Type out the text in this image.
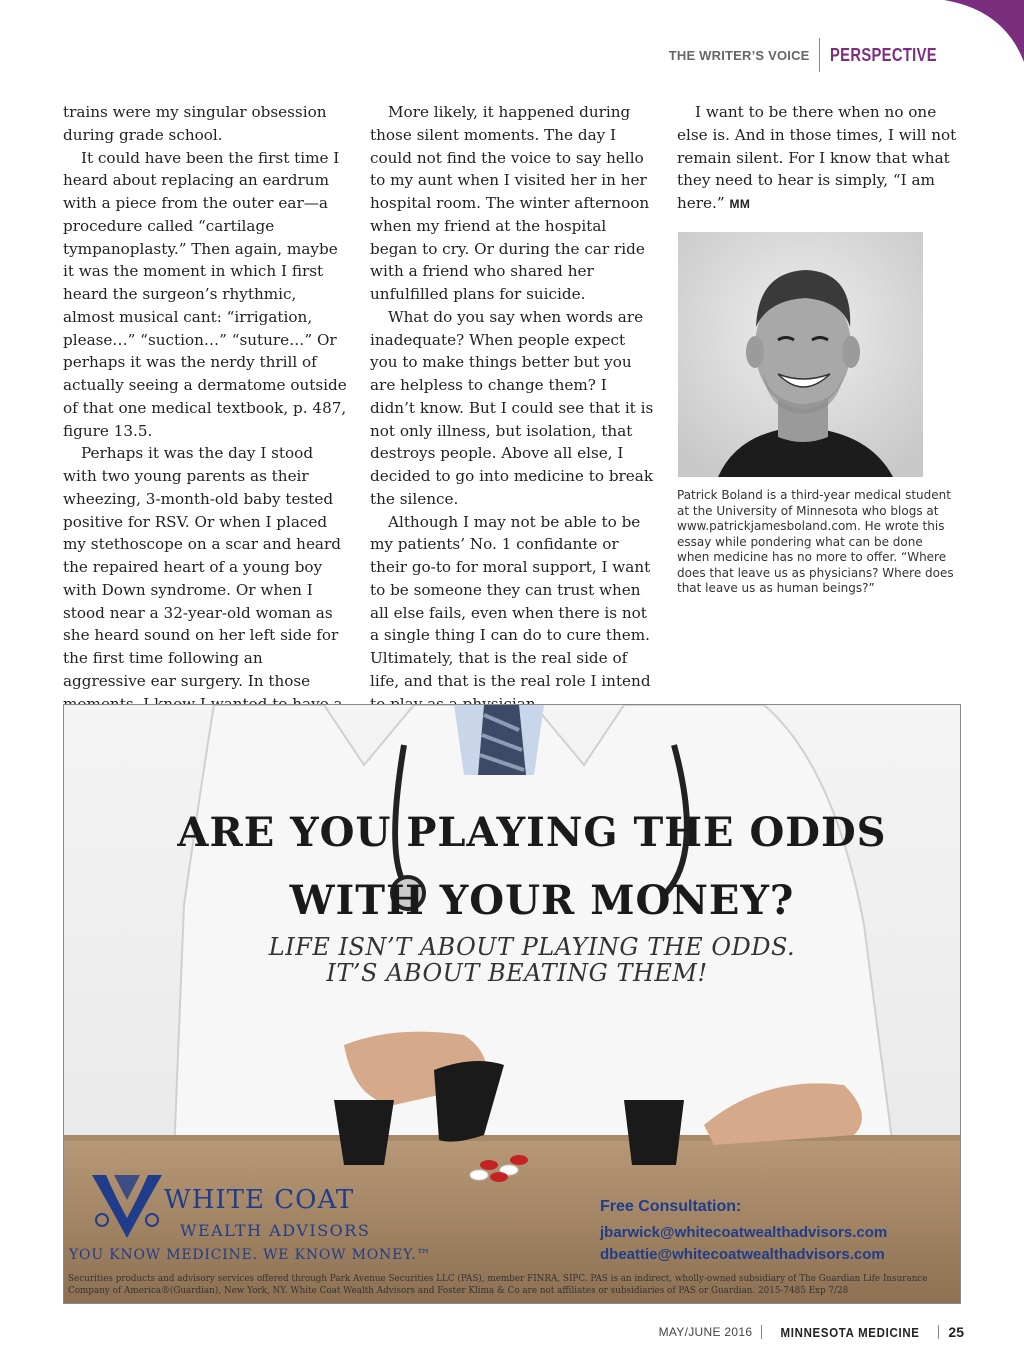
THE WRITER’S VOICE PERSPECTIVE

trains were my singular obsession during grade school.

It could have been the first time I heard about replacing an eardrum with a piece from the outer ear—a procedure called “cartilage tympanoplasty.” Then again, maybe it was the moment in which I first heard the surgeon’s rhythmic, almost musical cant: “irrigation, please…” “suction…” “suture…” Or perhaps it was the nerdy thrill of actually seeing a dermatome outside of that one medical textbook, p. 487, figure 13.5.

Perhaps it was the day I stood with two young parents as their wheezing, 3-month-old baby tested positive for RSV. Or when I placed my stethoscope on a scar and heard the repaired heart of a young boy with Down syndrome. Or when I stood near a 32-year-old woman as she heard sound on her left side for the first time following an aggressive ear surgery. In those

More likely, it happened during those silent moments. The day I could not find the voice to say hello to my aunt when I visited her in her hospital room. The winter afternoon when my friend at the hospital began to cry. Or during the car ride with a friend who shared her unfulfilled plans for suicide.

What do you say when words are inadequate? When people expect you to make things better but you are helpless to change them? I didn’t know. But I could see that it is not only illness, but isolation, that destroys people. Above all else, I decided to go into medicine to break the silence.

Although I may not be able to be my patients’ No. 1 confidante or their go-to for moral support, I want to be someone they can trust when all else fails, even when there is not a single thing I can do to cure them. Ultimately, that is the real side of life, and that is the real role I intend

I want to be there when no one else is. And in those times, I will not remain silent. For I know that what they need to hear is simply, “I am here.” MM

Patrick Boland is a third-year medical student at the University of Minnesota who blogs at www.patrickjamesboland.com. He wrote this essay while pondering what can be done when medicine has no more to offer. “Where does that leave us as physicians? Where does that leave us as human beings?”
ARE YOU PLAYING THE ODDS
WITH YOUR MONEY?
LIFE ISN’T ABOUT PLAYING THE ODDS.
IT’S ABOUT BEATING THEM!
WHITE COAT
WEALTH ADVISORS
YOU KNOW MEDICINE. WE KNOW MONEY.™
Free Consultation:
jbarwick@whitecoatwealthadvisors.com
dbeattie@whitecoatwealthadvisors.com
Securities products and advisory services offered through Park Avenue Securities LLC (PAS), member FINRA, SIPC. PAS is an indirect, wholly-owned subsidiary of The Guardian Life Insurance Company of America®(Guardian), New York, NY. White Coat Wealth Advisors and Foster Klima & Co are not affiliates or subsidiaries of PAS or Guardian. 2015-7485 Exp 7/28
MAY/JUNE 2016 MINNESOTA MEDICINE 25
